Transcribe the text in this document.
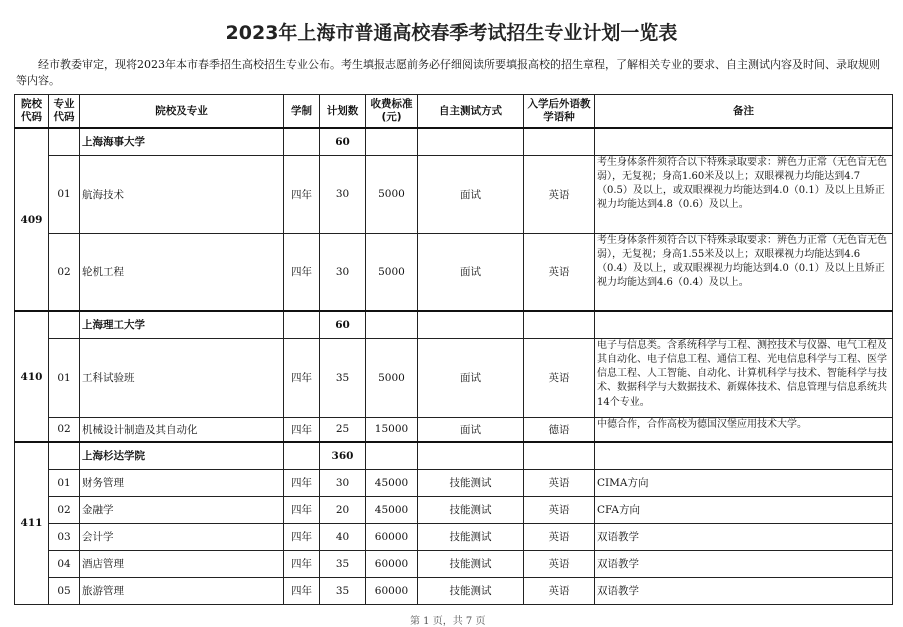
2023年上海市普通高校春季考试招生专业计划一览表
经市教委审定，现将2023年本市春季招生高校招生专业公布。考生填报志愿前务必仔细阅读所要填报高校的招生章程，了解相关专业的要求、自主测试内容及时间、录取规则等内容。
院校代码	专业代码	院校及专业	学制	计划数	收费标准(元)	自主测试方式	入学后外语教学语种	备注
409		上海海事大学		60				
	01	航海技术	四年	30	5000	面试	英语	考生身体条件须符合以下特殊录取要求：辨色力正常（无色盲无色弱），无复视；身高1.60米及以上；双眼裸视力均能达到4.7（0.5）及以上，或双眼裸视力均能达到4.0（0.1）及以上且矫正视力均能达到4.8（0.6）及以上。
	02	轮机工程	四年	30	5000	面试	英语	考生身体条件须符合以下特殊录取要求：辨色力正常（无色盲无色弱），无复视；身高1.55米及以上；双眼裸视力均能达到4.6（0.4）及以上，或双眼裸视力均能达到4.0（0.1）及以上且矫正视力均能达到4.6（0.4）及以上。
410		上海理工大学		60				
	01	工科试验班	四年	35	5000	面试	英语	电子与信息类。含系统科学与工程、测控技术与仪器、电气工程及其自动化、电子信息工程、通信工程、光电信息科学与工程、医学信息工程、人工智能、自动化、计算机科学与技术、智能科学与技术、数据科学与大数据技术、新媒体技术、信息管理与信息系统共14个专业。
	02	机械设计制造及其自动化	四年	25	15000	面试	德语	中德合作，合作高校为德国汉堡应用技术大学。
411		上海杉达学院		360				
	01	财务管理	四年	30	45000	技能测试	英语	CIMA方向
	02	金融学	四年	20	45000	技能测试	英语	CFA方向
	03	会计学	四年	40	60000	技能测试	英语	双语教学
	04	酒店管理	四年	35	60000	技能测试	英语	双语教学
	05	旅游管理	四年	35	60000	技能测试	英语	双语教学
第 1 页，共 7 页
